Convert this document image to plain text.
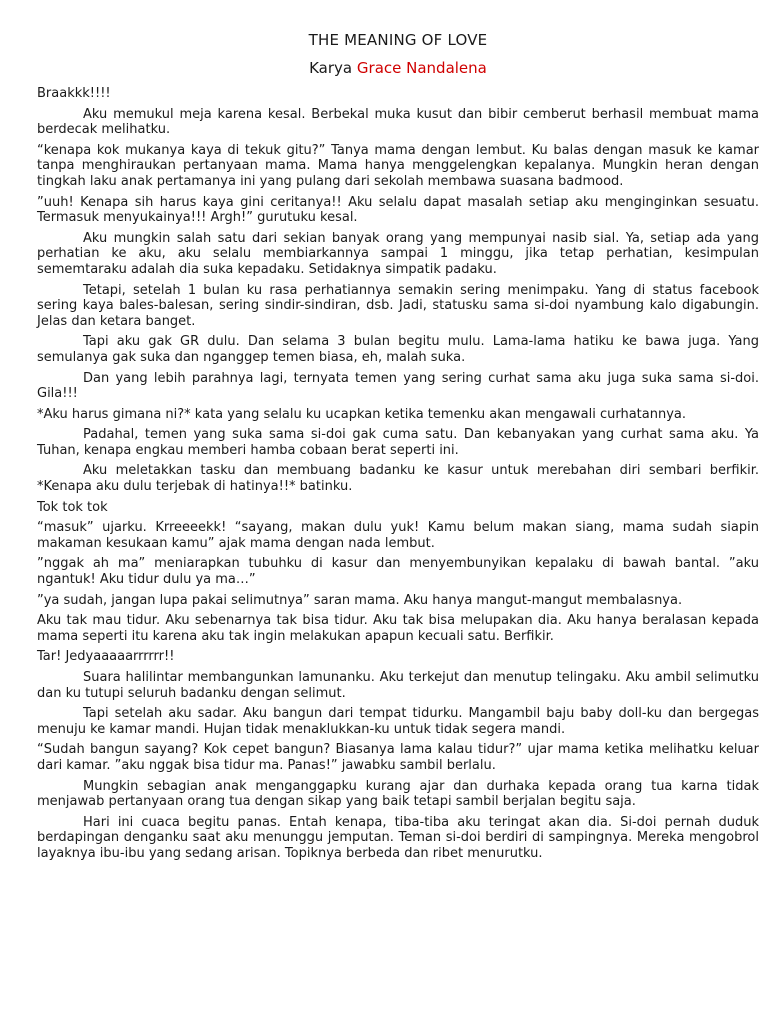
THE MEANING OF LOVE
Karya Grace Nandalena

Braakkk!!!!

Aku memukul meja karena kesal. Berbekal muka kusut dan bibir cemberut berhasil membuat mama berdecak melihatku.

“kenapa kok mukanya kaya di tekuk gitu?” Tanya mama dengan lembut. Ku balas dengan masuk ke kamar tanpa menghiraukan pertanyaan mama. Mama hanya menggelengkan kepalanya. Mungkin heran dengan tingkah laku anak pertamanya ini yang pulang dari sekolah membawa suasana badmood.

”uuh! Kenapa sih harus kaya gini ceritanya!! Aku selalu dapat masalah setiap aku menginginkan sesuatu. Termasuk menyukainya!!! Argh!” gurutuku kesal.

Aku mungkin salah satu dari sekian banyak orang yang mempunyai nasib sial. Ya, setiap ada yang perhatian ke aku, aku selalu membiarkannya sampai 1 minggu, jika tetap perhatian, kesimpulan sememtaraku adalah dia suka kepadaku. Setidaknya simpatik padaku.

Tetapi, setelah 1 bulan ku rasa perhatiannya semakin sering menimpaku. Yang di status facebook sering kaya bales-balesan, sering sindir-sindiran, dsb. Jadi, statusku sama si-doi nyambung kalo digabungin. Jelas dan ketara banget.

Tapi aku gak GR dulu. Dan selama 3 bulan begitu mulu. Lama-lama hatiku ke bawa juga. Yang semulanya gak suka dan nganggep temen biasa, eh, malah suka.

Dan yang lebih parahnya lagi, ternyata temen yang sering curhat sama aku juga suka sama si-doi. Gila!!!

*Aku harus gimana ni?* kata yang selalu ku ucapkan ketika temenku akan mengawali curhatannya.

Padahal, temen yang suka sama si-doi gak cuma satu. Dan kebanyakan yang curhat sama aku. Ya Tuhan, kenapa engkau memberi hamba cobaan berat seperti ini.

Aku meletakkan tasku dan membuang badanku ke kasur untuk merebahan diri sembari berfikir. *Kenapa aku dulu terjebak di hatinya!!* batinku.

Tok tok tok

“masuk” ujarku. Krreeeekk! “sayang, makan dulu yuk! Kamu belum makan siang, mama sudah siapin makaman kesukaan kamu” ajak mama dengan nada lembut.

”nggak ah ma” meniarapkan tubuhku di kasur dan menyembunyikan kepalaku di bawah bantal. ”aku ngantuk! Aku tidur dulu ya ma…”

”ya sudah, jangan lupa pakai selimutnya” saran mama. Aku hanya mangut-mangut membalasnya.

Aku tak mau tidur. Aku sebenarnya tak bisa tidur. Aku tak bisa melupakan dia. Aku hanya beralasan kepada mama seperti itu karena aku tak ingin melakukan apapun kecuali satu. Berfikir.

Tar! Jedyaaaaarrrrrr!!

Suara halilintar membangunkan lamunanku. Aku terkejut dan menutup telingaku. Aku ambil selimutku dan ku tutupi seluruh badanku dengan selimut.

Tapi setelah aku sadar. Aku bangun dari tempat tidurku. Mangambil baju baby doll-ku dan bergegas menuju ke kamar mandi. Hujan tidak menaklukkan-ku untuk tidak segera mandi.

“Sudah bangun sayang? Kok cepet bangun? Biasanya lama kalau tidur?” ujar mama ketika melihatku keluar dari kamar. ”aku nggak bisa tidur ma. Panas!” jawabku sambil berlalu.

Mungkin sebagian anak menganggapku kurang ajar dan durhaka kepada orang tua karna tidak menjawab pertanyaan orang tua dengan sikap yang baik tetapi sambil berjalan begitu saja.

Hari ini cuaca begitu panas. Entah kenapa, tiba-tiba aku teringat akan dia. Si-doi pernah duduk berdapingan denganku saat aku menunggu jemputan. Teman si-doi berdiri di sampingnya. Mereka mengobrol layaknya ibu-ibu yang sedang arisan. Topiknya berbeda dan ribet menurutku.
